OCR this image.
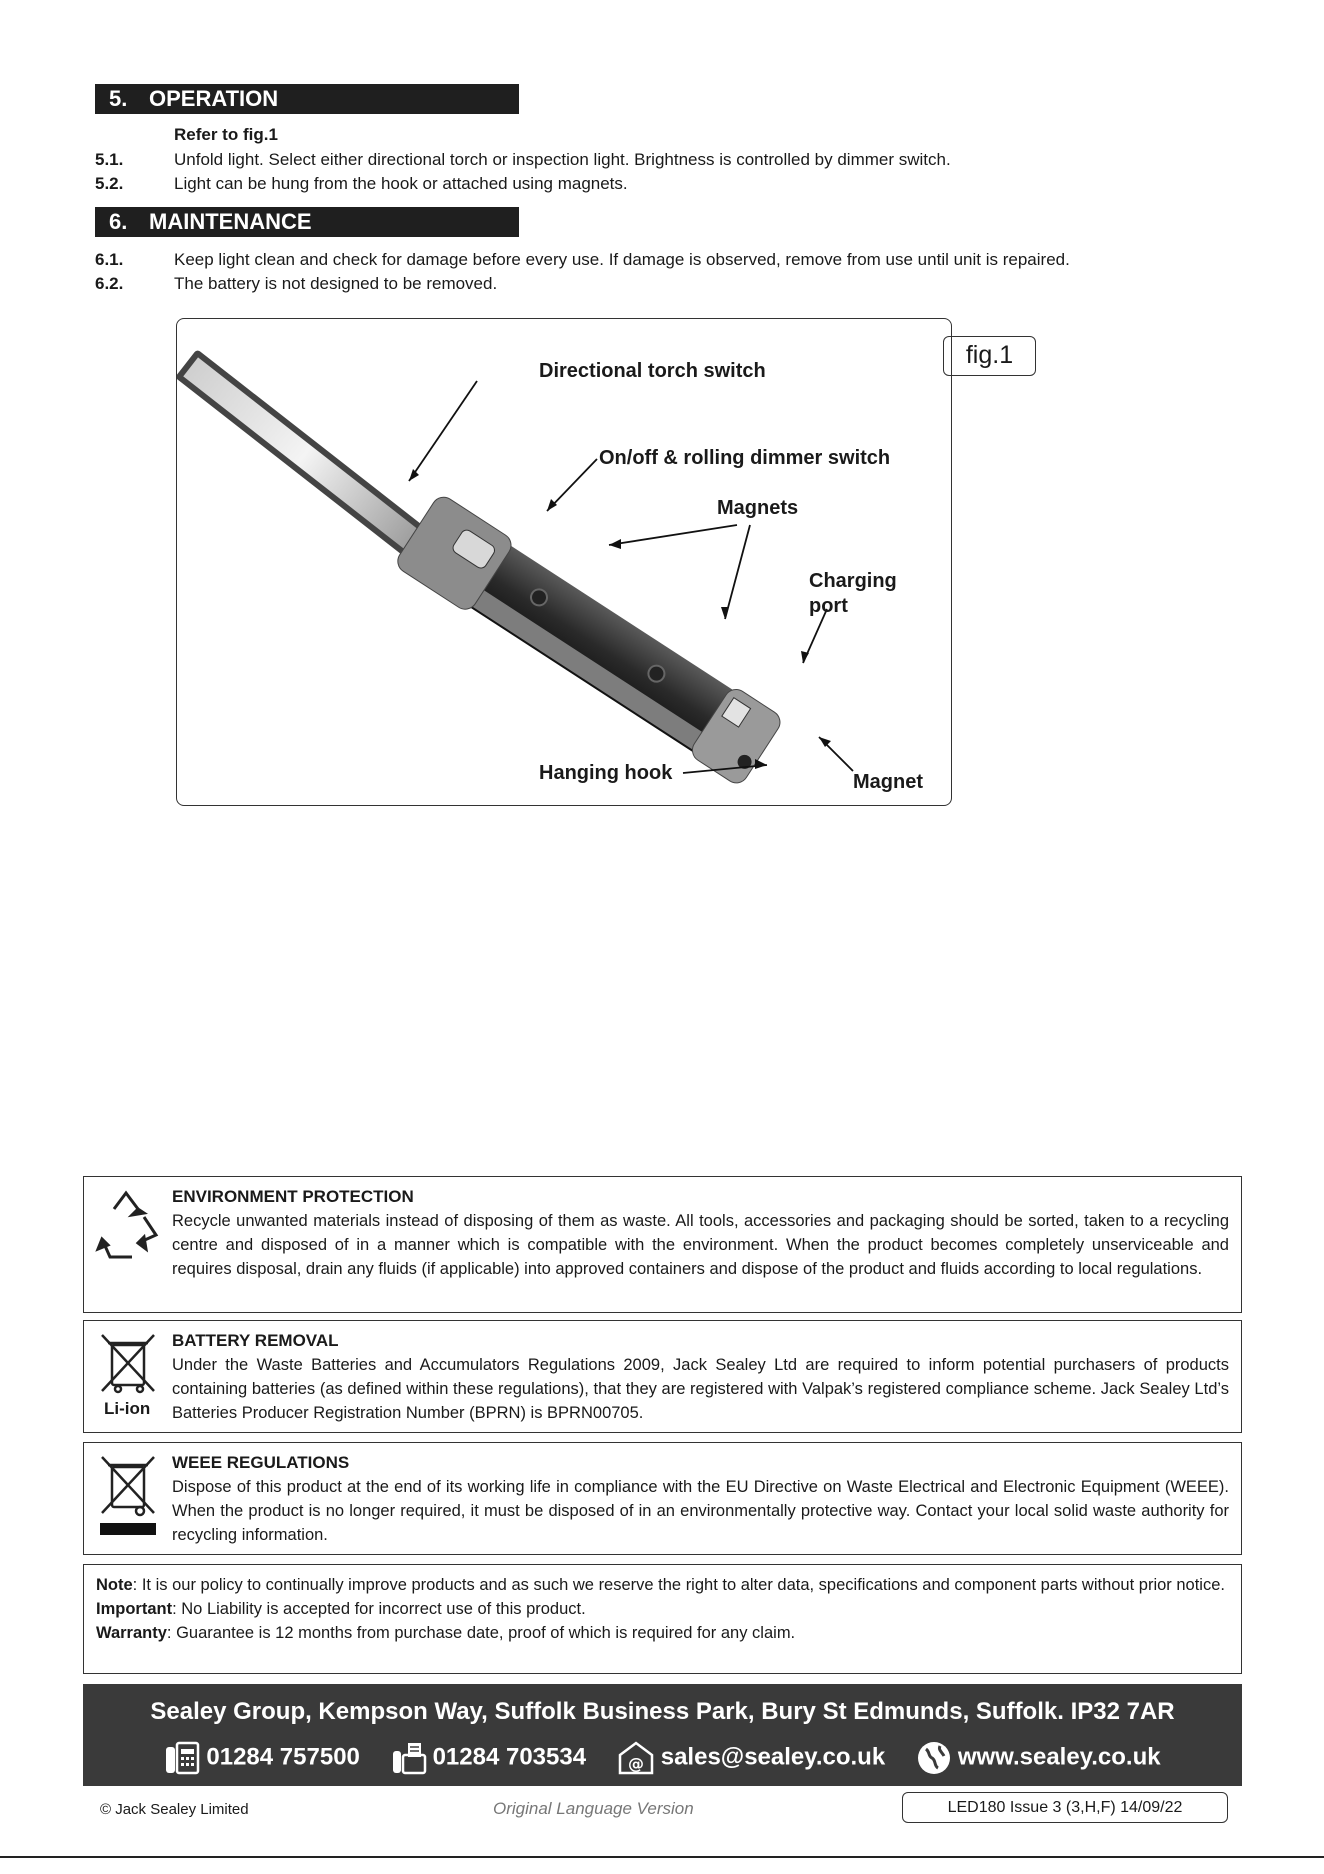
5. OPERATION
Refer to fig.1
5.1.	Unfold light. Select either directional torch or inspection light. Brightness is controlled by dimmer switch.
5.2.	Light can be hung from the hook or attached using magnets.
6. MAINTENANCE
6.1.	Keep light clean and check for damage before every use. If damage is observed, remove from use until unit is repaired.
6.2.	The battery is not designed to be removed.
Directional torch switch
On/off & rolling dimmer switch
Magnets
Charging
port
Hanging hook	Magnet
fig.1
ENVIRONMENT PROTECTION
Recycle unwanted materials instead of disposing of them as waste. All tools, accessories and packaging should be sorted, taken to a recycling centre and disposed of in a manner which is compatible with the environment. When the product becomes completely unserviceable and requires disposal, drain any fluids (if applicable) into approved containers and dispose of the product and fluids according to local regulations.
Li-ion
BATTERY REMOVAL
Under the Waste Batteries and Accumulators Regulations 2009, Jack Sealey Ltd are required to inform potential purchasers of products containing batteries (as defined within these regulations), that they are registered with Valpak’s registered compliance scheme. Jack Sealey Ltd’s Batteries Producer Registration Number (BPRN) is BPRN00705.
WEEE REGULATIONS
Dispose of this product at the end of its working life in compliance with the EU Directive on Waste Electrical and Electronic Equipment (WEEE). When the product is no longer required, it must be disposed of in an environmentally protective way. Contact your local solid waste authority for recycling information.
Note: It is our policy to continually improve products and as such we reserve the right to alter data, specifications and component parts without prior notice.
Important: No Liability is accepted for incorrect use of this product.
Warranty: Guarantee is 12 months from purchase date, proof of which is required for any claim.
Sealey Group, Kempson Way, Suffolk Business Park, Bury St Edmunds, Suffolk. IP32 7AR
01284 757500	01284 703534	@ sales@sealey.co.uk	www.sealey.co.uk
© Jack Sealey Limited	Original Language Version	LED180 Issue 3 (3,H,F) 14/09/22
